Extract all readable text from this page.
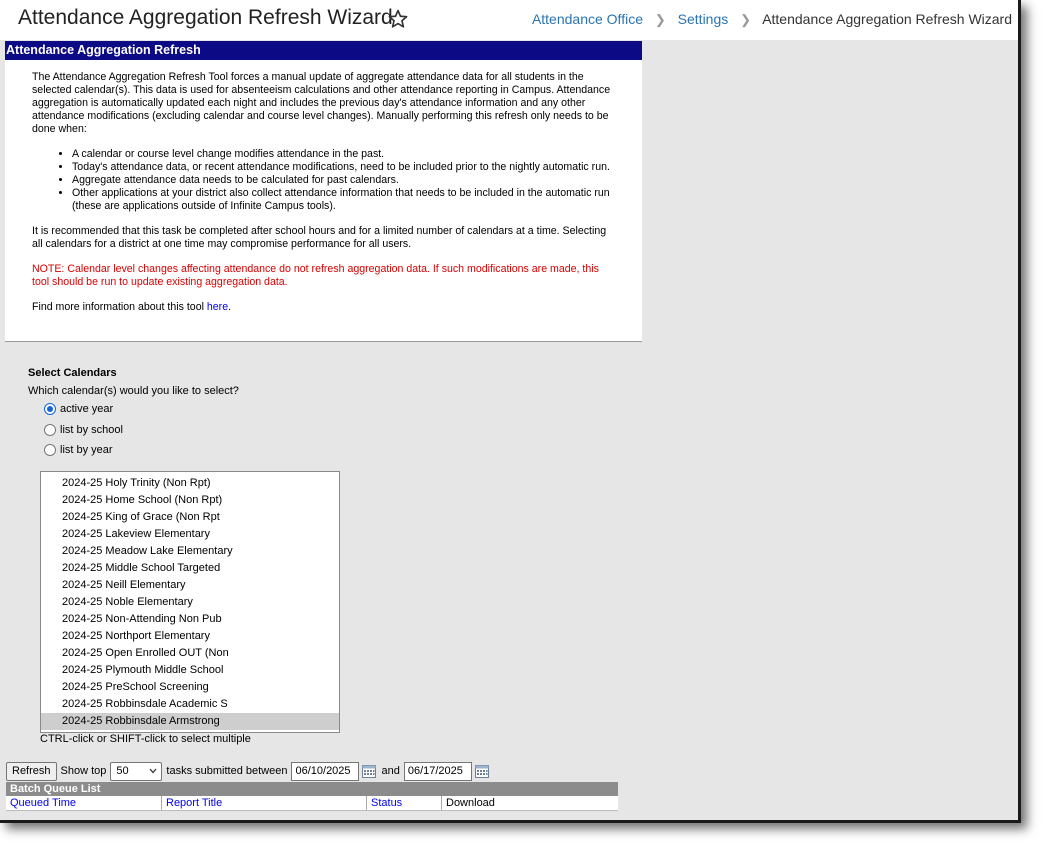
Attendance Aggregation Refresh Wizard	Attendance Office ❯ Settings ❯ Attendance Aggregation Refresh Wizard
Attendance Aggregation Refresh

The Attendance Aggregation Refresh Tool forces a manual update of aggregate attendance data for all students in the selected calendar(s). This data is used for absenteeism calculations and other attendance reporting in Campus. Attendance aggregation is automatically updated each night and includes the previous day's attendance information and any other attendance modifications (excluding calendar and course level changes). Manually performing this refresh only needs to be done when:

• A calendar or course level change modifies attendance in the past.
• Today's attendance data, or recent attendance modifications, need to be included prior to the nightly automatic run.
• Aggregate attendance data needs to be calculated for past calendars.
• Other applications at your district also collect attendance information that needs to be included in the automatic run (these are applications outside of Infinite Campus tools).

It is recommended that this task be completed after school hours and for a limited number of calendars at a time. Selecting all calendars for a district at one time may compromise performance for all users.

NOTE: Calendar level changes affecting attendance do not refresh aggregation data. If such modifications are made, this tool should be run to update existing aggregation data.

Find more information about this tool here.

Select Calendars
Which calendar(s) would you like to select?
active year
list by school
list by year
2024-25 Holy Trinity (Non Rpt)
2024-25 Home School (Non Rpt)
2024-25 King of Grace (Non Rpt
2024-25 Lakeview Elementary
2024-25 Meadow Lake Elementary
2024-25 Middle School Targeted
2024-25 Neill Elementary
2024-25 Noble Elementary
2024-25 Non-Attending Non Pub
2024-25 Northport Elementary
2024-25 Open Enrolled OUT (Non
2024-25 Plymouth Middle School
2024-25 PreSchool Screening
2024-25 Robbinsdale Academic S
2024-25 Robbinsdale Armstrong
CTRL-click or SHIFT-click to select multiple
Refresh Show top 50	tasks submitted between 06/10/2025	and 06/17/2025
Batch Queue List
Queued Time	Report Title	Status	Download
